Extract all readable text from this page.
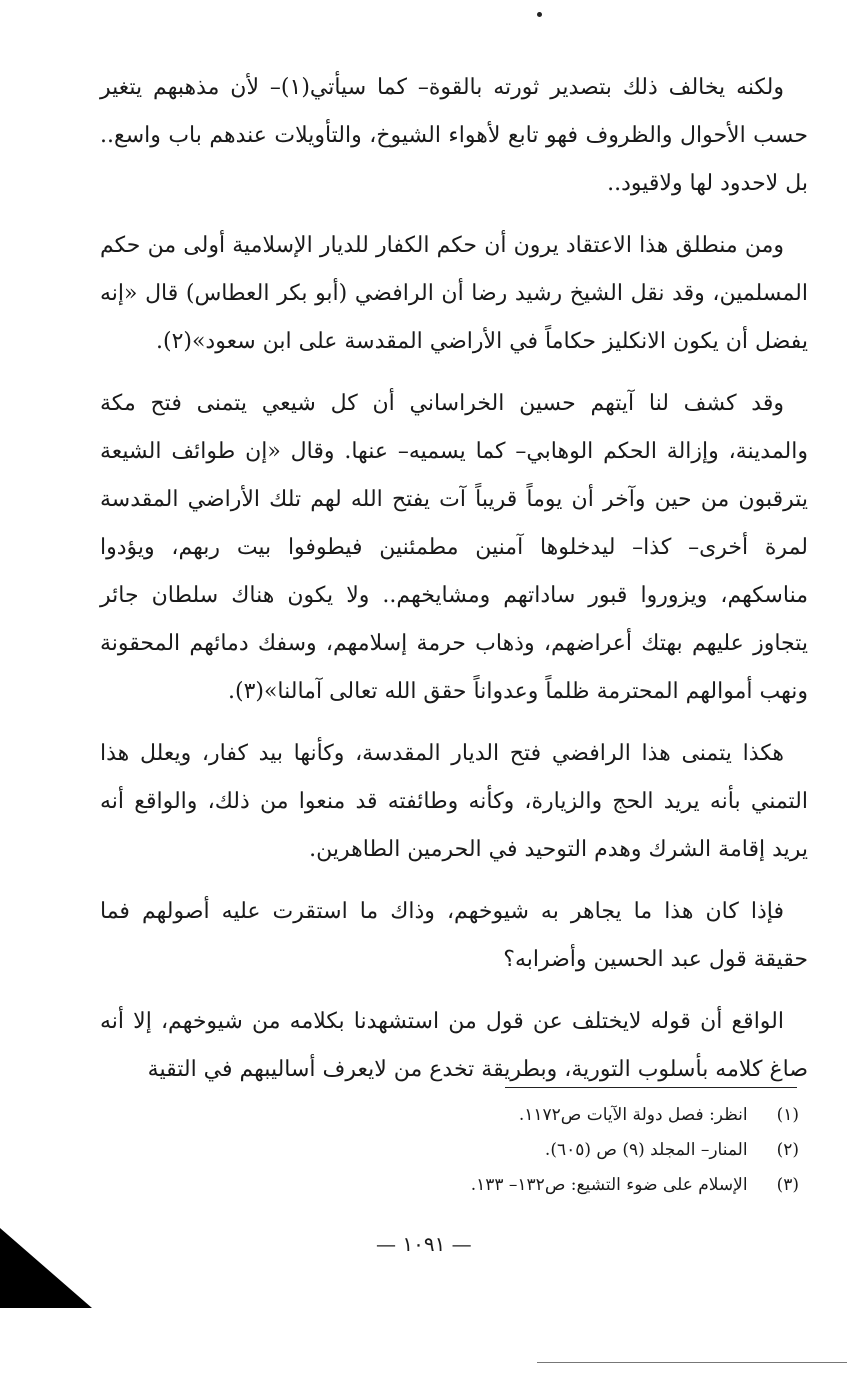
ولكنه يخالف ذلك بتصدير ثورته بالقوة– كما سيأتي(١)– لأن مذهبهم يتغير حسب الأحوال والظروف فهو تابع لأهواء الشيوخ، والتأويلات عندهم باب واسع.. بل لاحدود لها ولاقيود..

ومن منطلق هذا الاعتقاد يرون أن حكم الكفار للديار الإسلامية أولى من حكم المسلمين، وقد نقل الشيخ رشيد رضا أن الرافضي (أبو بكر العطاس) قال «إنه يفضل أن يكون الانكليز حكاماً في الأراضي المقدسة على ابن سعود»(٢).

وقد كشف لنا آيتهم حسين الخراساني أن كل شيعي يتمنى فتح مكة والمدينة، وإزالة الحكم الوهابي– كما يسميه– عنها. وقال «إن طوائف الشيعة يترقبون من حين وآخر أن يوماً قريباً آت يفتح الله لهم تلك الأراضي المقدسة لمرة أخرى– كذا– ليدخلوها آمنين مطمئنين فيطوفوا بيت ربهم، ويؤدوا مناسكهم، ويزوروا قبور ساداتهم ومشايخهم.. ولا يكون هناك سلطان جائر يتجاوز عليهم بهتك أعراضهم، وذهاب حرمة إسلامهم، وسفك دمائهم المحقونة ونهب أموالهم المحترمة ظلماً وعدواناً حقق الله تعالى آمالنا»(٣).

هكذا يتمنى هذا الرافضي فتح الديار المقدسة، وكأنها بيد كفار، ويعلل هذا التمني بأنه يريد الحج والزيارة، وكأنه وطائفته قد منعوا من ذلك، والواقع أنه يريد إقامة الشرك وهدم التوحيد في الحرمين الطاهرين.

فإذا كان هذا ما يجاهر به شيوخهم، وذاك ما استقرت عليه أصولهم فما حقيقة قول عبد الحسين وأضرابه؟

الواقع أن قوله لايختلف عن قول من استشهدنا بكلامه من شيوخهم، إلا أنه صاغ كلامه بأسلوب التورية، وبطريقة تخدع من لايعرف أساليبهم في التقية

(١) انظر: فصل دولة الآيات ص١١٧٢.

(٢) المنار– المجلد (٩) ص (٦٠٥).

(٣) الإسلام على ضوء التشيع: ص١٣٢– ١٣٣.

— ١٠٩١ —
